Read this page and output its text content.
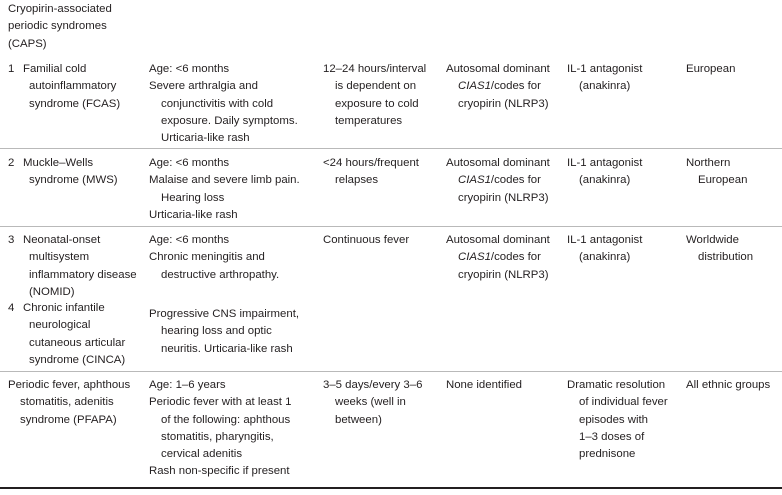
Cryopirin-associated

periodic syndromes

(CAPS)

1 Familial cold

autoinflammatory

syndrome (FCAS)

Age: <6 months

Severe arthralgia and

conjunctivitis with cold

exposure. Daily symptoms.

Urticaria-like rash

12–24 hours/interval

is dependent on

exposure to cold

temperatures

Autosomal dominant

CIAS1/codes for

cryopirin (NLRP3)

IL-1 antagonist

(anakinra)

European

2 Muckle–Wells

syndrome (MWS)

Age: <6 months

Malaise and severe limb pain.

Hearing loss

Urticaria-like rash

<24 hours/frequent

relapses

Autosomal dominant

CIAS1/codes for

cryopirin (NLRP3)

IL-1 antagonist

(anakinra)

Northern

European

3 Neonatal-onset

multisystem

inflammatory disease

(NOMID)

Age: <6 months

Chronic meningitis and

destructive arthropathy.

Continuous fever	Autosomal dominant

CIAS1/codes for

cryopirin (NLRP3)

IL-1 antagonist

(anakinra)

Worldwide

distribution

4 Chronic infantile

neurological

cutaneous articular

syndrome (CINCA)

Progressive CNS impairment,

hearing loss and optic

neuritis. Urticaria-like rash

Periodic fever, aphthous

stomatitis, adenitis

syndrome (PFAPA)

Age: 1–6 years

Periodic fever with at least 1

of the following: aphthous

stomatitis, pharyngitis,

cervical adenitis

Rash non-specific if present

3–5 days/every 3–6

weeks (well in

between)

None identified	Dramatic resolution

of individual fever

episodes with

1–3 doses of

prednisone

All ethnic groups
